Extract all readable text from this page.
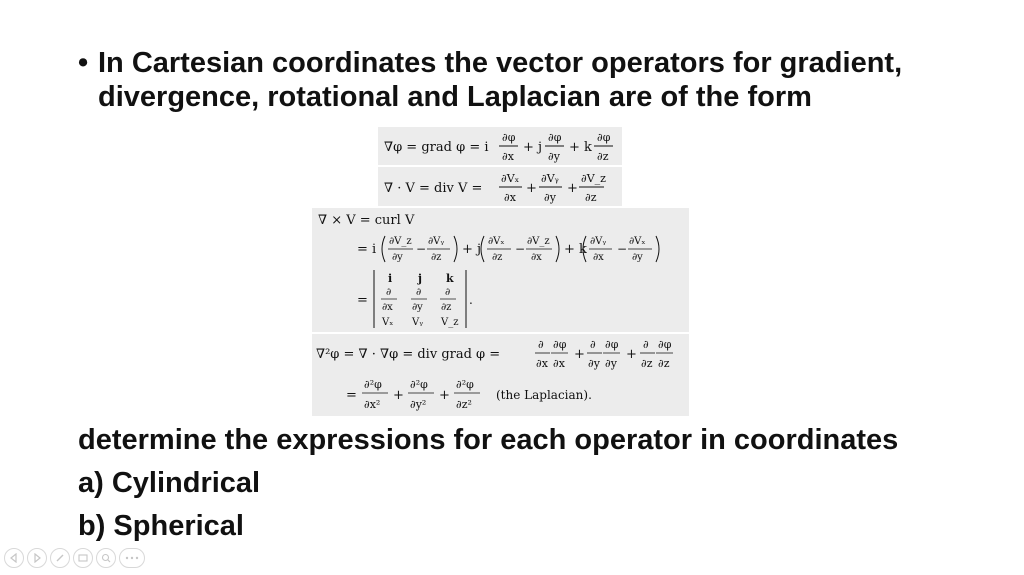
• In Cartesian coordinates the vector operators for gradient, divergence, rotational and Laplacian are of the form
∇φ = grad φ = i
∂φ
∂x
+ j
∂φ
∂y
+ k
∂φ
∂z
∇ · V = div V =
∂Vₓ
∂x
+
∂Vᵧ
∂y
+
∂V_z
∂z
∇ × V = curl V
= i
∂V_z
∂y
−
∂Vᵧ
∂z
+ j
∂Vₓ
∂z
−
∂V_z
∂x
+ k
∂Vᵧ
∂x
−
∂Vₓ
∂y
=	.
i j k
∂ ∂ ∂
∂x ∂y ∂z
Vₓ Vᵧ V_z
∇²φ = ∇ · ∇φ = div grad φ =
∂
∂x
∂φ
∂x
+
∂
∂y
∂φ
∂y
+
∂
∂z
∂φ
∂z
=
∂²φ
∂x²
+
∂²φ
∂y²
+
∂²φ
∂z²
(the Laplacian).
determine the expressions for each operator in coordinates
a) Cylindrical
b) Spherical
